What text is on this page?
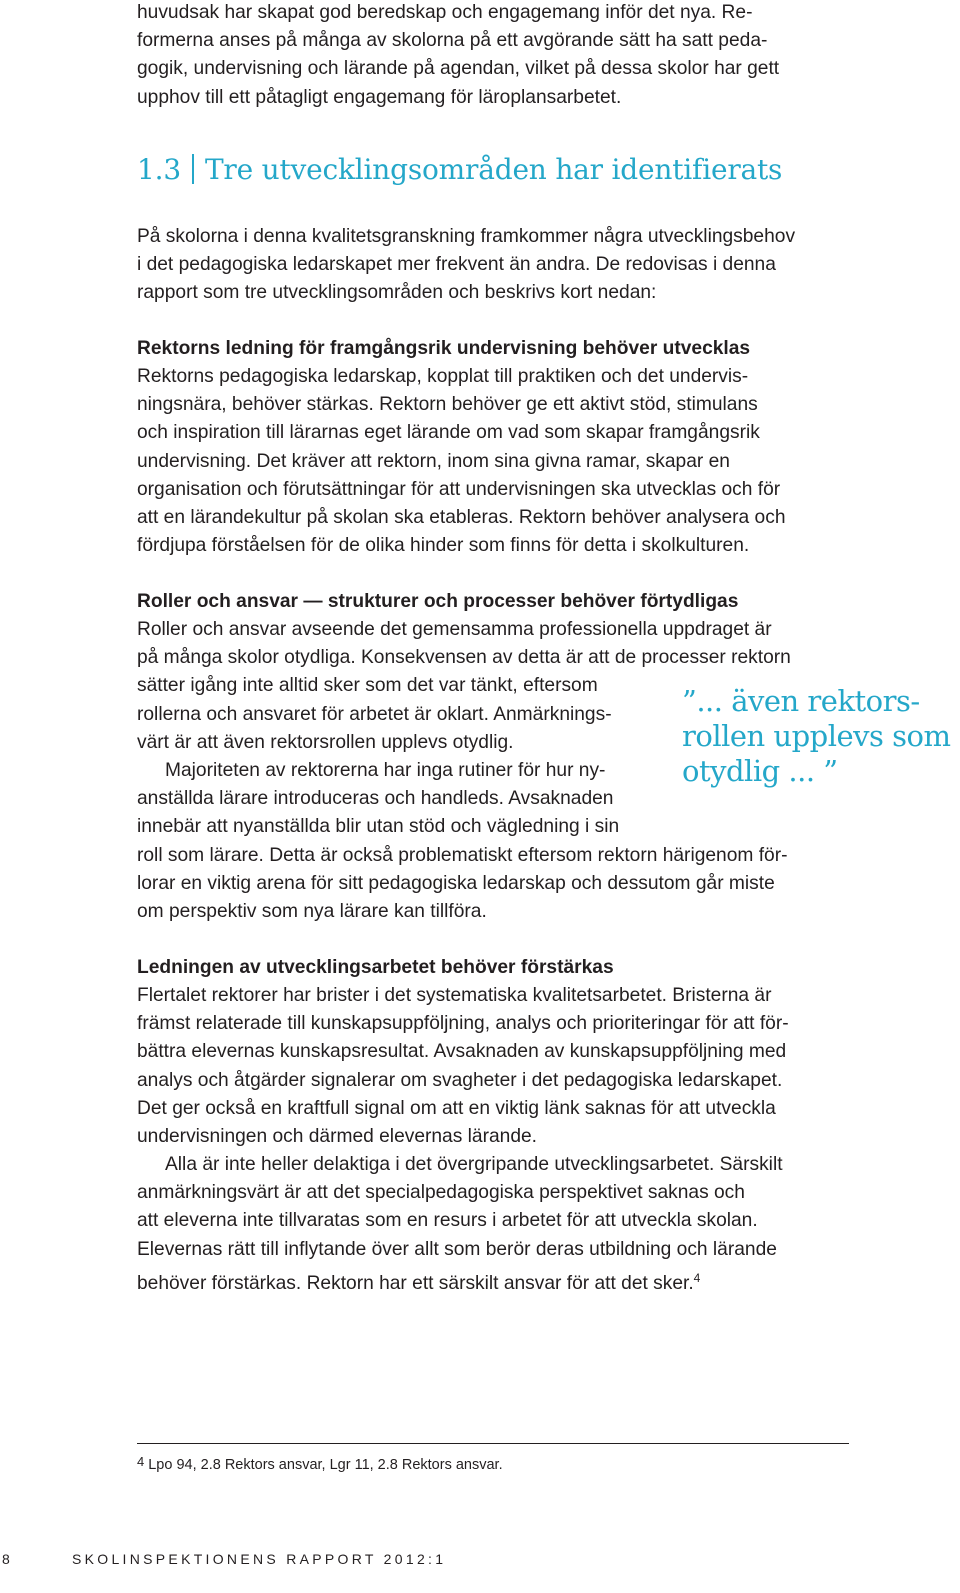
huvudsak har skapat god beredskap och engagemang inför det nya. Re-
formerna anses på många av skolorna på ett avgörande sätt ha satt peda-
gogik, undervisning och lärande på agendan, vilket på dessa skolor har gett
upphov till ett påtagligt engagemang för läroplansarbetet.
1.3 Tre utvecklingsområden har identifierats
På skolorna i denna kvalitetsgranskning framkommer några utvecklingsbehov
i det pedagogiska ledarskapet mer frekvent än andra. De redovisas i denna
rapport som tre utvecklingsområden och beskrivs kort nedan:
Rektorns ledning för framgångsrik undervisning behöver utvecklas
Rektorns pedagogiska ledarskap, kopplat till praktiken och det undervis-
ningsnära, behöver stärkas. Rektorn behöver ge ett aktivt stöd, stimulans
och inspiration till lärarnas eget lärande om vad som skapar framgångsrik
undervisning. Det kräver att rektorn, inom sina givna ramar, skapar en
organisation och förutsättningar för att undervisningen ska utvecklas och för
att en lärandekultur på skolan ska etableras. Rektorn behöver analysera och
fördjupa förståelsen för de olika hinder som finns för detta i skolkulturen.
Roller och ansvar — strukturer och processer behöver förtydligas
Roller och ansvar avseende det gemensamma professionella uppdraget är
på många skolor otydliga. Konsekvensen av detta är att de processer rektorn
sätter igång inte alltid sker som det var tänkt, eftersom
rollerna och ansvaret för arbetet är oklart. Anmärknings-
värt är att även rektorsrollen upplevs otydlig.
Majoriteten av rektorerna har inga rutiner för hur ny-
anställda lärare introduceras och handleds. Avsaknaden
innebär att nyanställda blir utan stöd och vägledning i sin
roll som lärare. Detta är också problematiskt eftersom rektorn härigenom för-
lorar en viktig arena för sitt pedagogiska ledarskap och dessutom går miste
om perspektiv som nya lärare kan tillföra.
”... även rektors-
rollen upplevs som
otydlig ... ”
Ledningen av utvecklingsarbetet behöver förstärkas
Flertalet rektorer har brister i det systematiska kvalitetsarbetet. Bristerna är
främst relaterade till kunskapsuppföljning, analys och prioriteringar för att för-
bättra elevernas kunskapsresultat. Avsaknaden av kunskapsuppföljning med
analys och åtgärder signalerar om svagheter i det pedagogiska ledarskapet.
Det ger också en kraftfull signal om att en viktig länk saknas för att utveckla
undervisningen och därmed elevernas lärande.
Alla är inte heller delaktiga i det övergripande utvecklingsarbetet. Särskilt
anmärkningsvärt är att det specialpedagogiska perspektivet saknas och
att eleverna inte tillvaratas som en resurs i arbetet för att utveckla skolan.
Elevernas rätt till inflytande över allt som berör deras utbildning och lärande
behöver förstärkas. Rektorn har ett särskilt ansvar för att det sker.$^4$

$^4$ Lpo 94, 2.8 Rektors ansvar, Lgr 11, 2.8 Rektors ansvar.

8	SKOLINSPEKTIONENS RAPPORT 2012:1
